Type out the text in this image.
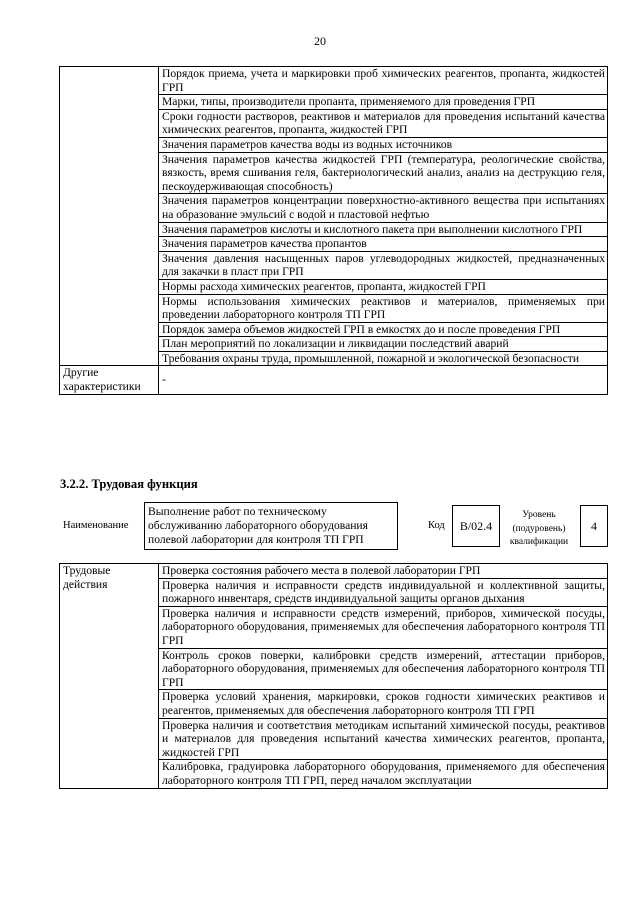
20
	Порядок приема, учета и маркировки проб химических реагентов, пропанта, жидкостей ГРП
	Марки, типы, производители пропанта, применяемого для проведения ГРП
	Сроки годности растворов, реактивов и материалов для проведения испытаний качества химических реагентов, пропанта, жидкостей ГРП
	Значения параметров качества воды из водных источников
	Значения параметров качества жидкостей ГРП (температура, реологические свойства, вязкость, время сшивания геля, бактериологический анализ, анализ на деструкцию геля, пескоудерживающая способность)
	Значения параметров концентрации поверхностно-активного вещества при испытаниях на образование эмульсий с водой и пластовой нефтью
	Значения параметров кислоты и кислотного пакета при выполнении кислотного ГРП
	Значения параметров качества пропантов
	Значения давления насыщенных паров углеводородных жидкостей, предназначенных для закачки в пласт при ГРП
	Нормы расхода химических реагентов, пропанта, жидкостей ГРП
	Нормы использования химических реактивов и материалов, применяемых при проведении лабораторного контроля ТП ГРП
	Порядок замера объемов жидкостей ГРП в емкостях до и после проведения ГРП
	План мероприятий по локализации и ликвидации последствий аварий
	Требования охраны труда, промышленной, пожарной и экологической безопасности
Другие характеристики	-
3.2.2. Трудовая функция
Наименование
Выполнение работ по техническому обслуживанию лабораторного оборудования полевой лаборатории для контроля ТП ГРП
Код	B/02.4
Уровень (подуровень) квалификации
4
Трудовые действия	Проверка состояния рабочего места в полевой лаборатории ГРП
Проверка наличия и исправности средств индивидуальной и коллективной защиты, пожарного инвентаря, средств индивидуальной защиты органов дыхания
Проверка наличия и исправности средств измерений, приборов, химической посуды, лабораторного оборудования, применяемых для обеспечения лабораторного контроля ТП ГРП
Контроль сроков поверки, калибровки средств измерений, аттестации приборов, лабораторного оборудования, применяемых для обеспечения лабораторного контроля ТП ГРП
Проверка условий хранения, маркировки, сроков годности химических реактивов и реагентов, применяемых для обеспечения лабораторного контроля ТП ГРП
Проверка наличия и соответствия методикам испытаний химической посуды, реактивов и материалов для проведения испытаний качества химических реагентов, пропанта, жидкостей ГРП
Калибровка, градуировка лабораторного оборудования, применяемого для обеспечения лабораторного контроля ТП ГРП, перед началом эксплуатации
